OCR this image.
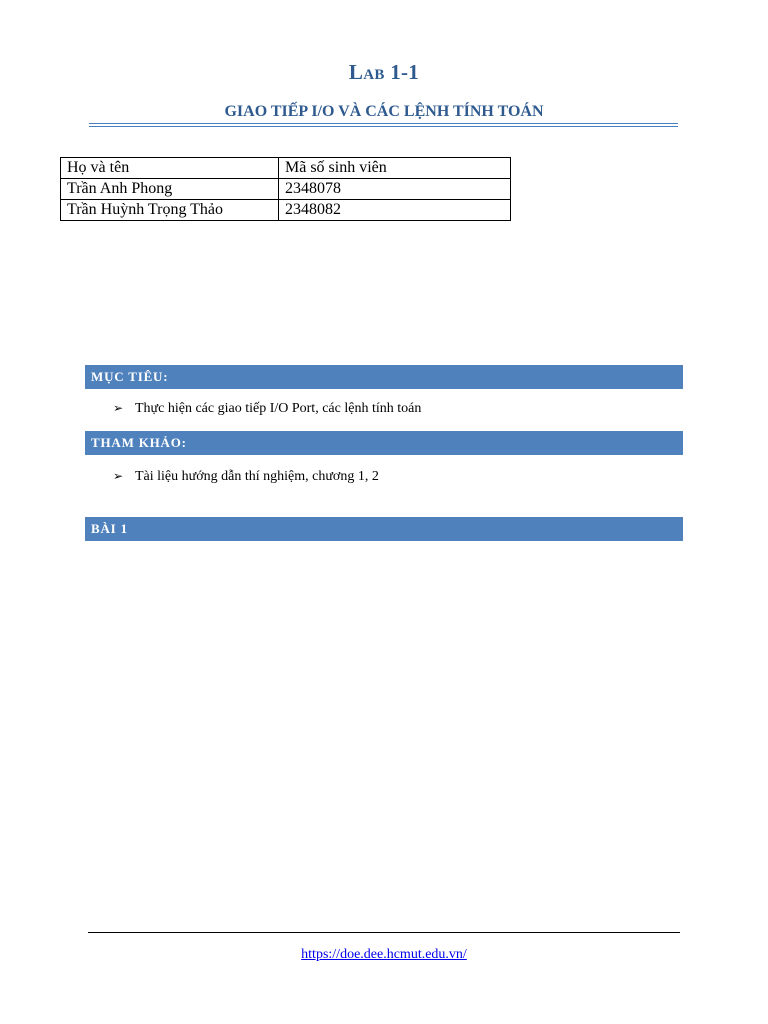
Lab 1-1
GIAO TIẾP I/O VÀ CÁC LỆNH TÍNH TOÁN
Họ và tên	Mã số sinh viên
Trần Anh Phong	2348078
Trần Huỳnh Trọng Thảo	2348082
MỤC TIÊU:
➢ Thực hiện các giao tiếp I/O Port, các lệnh tính toán
THAM KHẢO:
➢ Tài liệu hướng dẫn thí nghiệm, chương 1, 2
BÀI 1
https://doe.dee.hcmut.edu.vn/
